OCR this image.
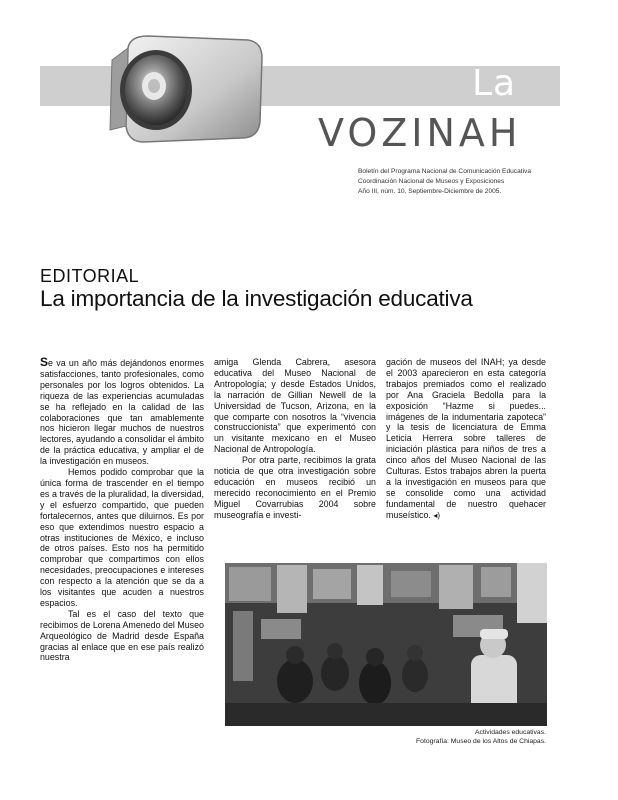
La
VOZINAH
Boletín del Programa Nacional de Comunicación Educativa
Coordinación Nacional de Museos y Exposiciones
Año III, núm. 10, Septiembre-Diciembre de 2005.
EDITORIAL
La importancia de la investigación educativa

Se va un año más dejándonos enormes satisfacciones, tanto profesionales, como personales por los logros obtenidos. La riqueza de las experiencias acumuladas se ha reflejado en la calidad de las colaboraciones que tan amablemente nos hicieron llegar muchos de nuestros lectores, ayudando a consolidar el ámbito de la práctica educativa, y ampliar el de la investigación en museos.

Hemos podido comprobar que la única forma de trascender en el tiempo es a través de la pluralidad, la diversidad, y el esfuerzo compartido, que pueden fortalecernos, antes que diluirnos. Es por eso que extendimos nuestro espacio a otras instituciones de México, e incluso de otros países. Esto nos ha permitido comprobar que compartimos con ellos necesidades, preocupaciones e intereses con respecto a la atención que se da a los visitantes que acuden a nuestros espacios.

Tal es el caso del texto que recibimos de Lorena Amenedo del Museo Arqueológico de Madrid desde España gracias al enlace que en ese país realizó nuestra

amiga Glenda Cabrera, asesora educativa del Museo Nacional de Antropología; y desde Estados Unidos, la narración de Gillian Newell de la Universidad de Tucson, Arizona, en la que comparte con nosotros la “vivencia construccionista” que experimentó con un visitante mexicano en el Museo Nacional de Antropología.

Por otra parte, recibimos la grata noticia de que otra investigación sobre educación en museos recibió un merecido reconocimiento en el Premio Miguel Covarrubias 2004 sobre museografía e investi-

gación de museos del INAH; ya desde el 2003 aparecieron en esta categoría trabajos premiados como el realizado por Ana Graciela Bedolla para la exposición “Hazme si puedes... imágenes de la indumentaria zapoteca” y la tesis de licenciatura de Emma Leticia Herrera sobre talleres de iniciación plástica para niños de tres a cinco años del Museo Nacional de las Culturas. Estos trabajos abren la puerta a la investigación en museos para que se consolide como una actividad fundamental de nuestro quehacer museístico. ◂)

Actividades educativas.
Fotografía: Museo de los Altos de Chiapas.
